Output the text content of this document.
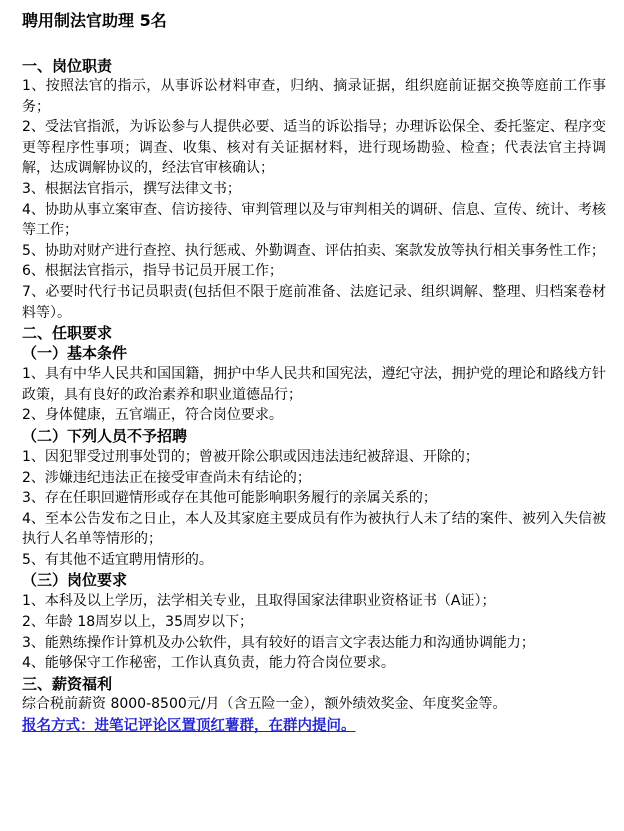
聘用制法官助理 5名

一、岗位职责

1、按照法官的指示，从事诉讼材料审查，归纳、摘录证据，组织庭前证据交换等庭前工作事务；

2、受法官指派，为诉讼参与人提供必要、适当的诉讼指导；办理诉讼保全、委托鉴定、程序变更等程序性事项；调查、收集、核对有关证据材料，进行现场勘验、检查；代表法官主持调解，达成调解协议的，经法官审核确认；

3、根据法官指示，撰写法律文书；

4、协助从事立案审查、信访接待、审判管理以及与审判相关的调研、信息、宣传、统计、考核等工作；

5、协助对财产进行查控、执行惩戒、外勤调查、评估拍卖、案款发放等执行相关事务性工作；

6、根据法官指示，指导书记员开展工作；

7、必要时代行书记员职责(包括但不限于庭前准备、法庭记录、组织调解、整理、归档案卷材料等）。

二、任职要求

（一）基本条件

1、具有中华人民共和国国籍，拥护中华人民共和国宪法，遵纪守法，拥护党的理论和路线方针政策，具有良好的政治素养和职业道德品行；

2、身体健康，五官端正，符合岗位要求。

（二）下列人员不予招聘

1、因犯罪受过刑事处罚的；曾被开除公职或因违法违纪被辞退、开除的；

2、涉嫌违纪违法正在接受审查尚未有结论的；

3、存在任职回避情形或存在其他可能影响职务履行的亲属关系的；

4、至本公告发布之日止，本人及其家庭主要成员有作为被执行人未了结的案件、被列入失信被执行人名单等情形的；

5、有其他不适宜聘用情形的。

（三）岗位要求

1、本科及以上学历，法学相关专业，且取得国家法律职业资格证书（A证）；

2、年龄 18周岁以上，35周岁以下；

3、能熟练操作计算机及办公软件，具有较好的语言文字表达能力和沟通协调能力；

4、能够保守工作秘密，工作认真负责，能力符合岗位要求。

三、薪资福利

综合税前薪资 8000-8500元/月（含五险一金），额外绩效奖金、年度奖金等。

报名方式：进笔记评论区置顶红薯群，在群内提问。
